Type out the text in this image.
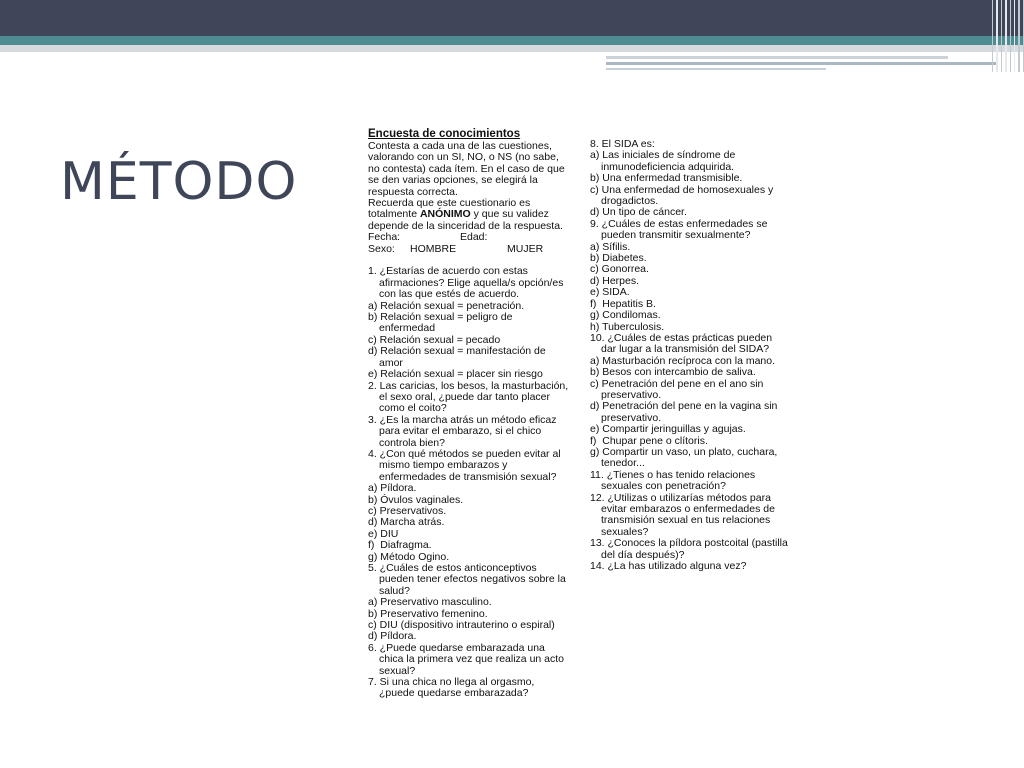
MÉTODO

Encuesta de conocimientos

Contesta a cada una de las cuestiones,

valorando con un SI, NO, o NS (no sabe,

no contesta) cada ítem. En el caso de que

se den varias opciones, se elegirá la

respuesta correcta.

Recuerda que este cuestionario es

totalmente ANÓNIMO y que su validez

depende de la sinceridad de la respuesta.

Fecha:	Edad:
Sexo:	HOMBRE	MUJER

1. ¿Estarías de acuerdo con estas

afirmaciones? Elige aquella/s opción/es

con las que estés de acuerdo.

a) Relación sexual = penetración.

b) Relación sexual = peligro de

enfermedad

c) Relación sexual = pecado

d) Relación sexual = manifestación de

amor

e) Relación sexual = placer sin riesgo

2. Las caricias, los besos, la masturbación,

el sexo oral, ¿puede dar tanto placer

como el coito?

3. ¿Es la marcha atrás un método eficaz

para evitar el embarazo, si el chico

controla bien?

4. ¿Con qué métodos se pueden evitar al

mismo tiempo embarazos y

enfermedades de transmisión sexual?

a) Píldora.

b) Óvulos vaginales.

c) Preservativos.

d) Marcha atrás.

e) DIU

f)  Diafragma.

g) Método Ogino.

5. ¿Cuáles de estos anticonceptivos

pueden tener efectos negativos sobre la

salud?

a) Preservativo masculino.

b) Preservativo femenino.

c) DIU (dispositivo intrauterino o espiral)

d) Píldora.

6. ¿Puede quedarse embarazada una

chica la primera vez que realiza un acto

sexual?

7. Si una chica no llega al orgasmo,

¿puede quedarse embarazada?

8. El SIDA es:

a) Las iniciales de síndrome de

inmunodeficiencia adquirida.

b) Una enfermedad transmisible.

c) Una enfermedad de homosexuales y

drogadictos.

d) Un tipo de cáncer.

9. ¿Cuáles de estas enfermedades se

pueden transmitir sexualmente?

a) Sífilis.

b) Diabetes.

c) Gonorrea.

d) Herpes.

e) SIDA.

f)  Hepatitis B.

g) Condilomas.

h) Tuberculosis.

10. ¿Cuáles de estas prácticas pueden

dar lugar a la transmisión del SIDA?

a) Masturbación recíproca con la mano.

b) Besos con intercambio de saliva.

c) Penetración del pene en el ano sin

preservativo.

d) Penetración del pene en la vagina sin

preservativo.

e) Compartir jeringuillas y agujas.

f)  Chupar pene o clítoris.

g) Compartir un vaso, un plato, cuchara,

tenedor...

11. ¿Tienes o has tenido relaciones

sexuales con penetración?

12. ¿Utilizas o utilizarías métodos para

evitar embarazos o enfermedades de

transmisión sexual en tus relaciones

sexuales?

13. ¿Conoces la píldora postcoital (pastilla

del día después)?

14. ¿La has utilizado alguna vez?
